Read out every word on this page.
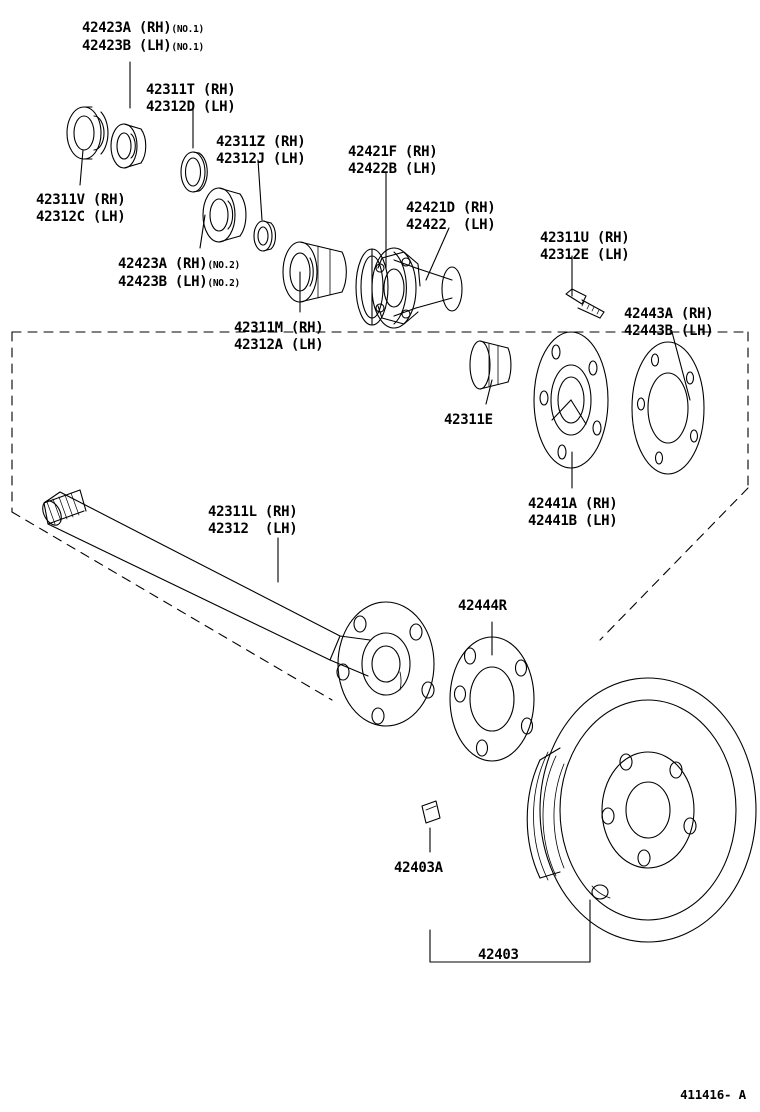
42423A (RH)(NO.1)
42423B (LH)(NO.1)
42311T (RH)
42312D (LH)
42311Z (RH)
42312J (LH)	42421F (RH)
42422B (LH)
42311V (RH)
42312C (LH)
42421D (RH)
42422  (LH)
42311U (RH)
42312E (LH)
42423A (RH)(NO.2)
42423B (LH)(NO.2)
42443A (RH)
42443B (LH)
42311M (RH)
42312A (LH)
42311E
42441A (RH)
42441B (LH)
42311L (RH)
42312  (LH)
42444R
42403A
42403
411416- A
